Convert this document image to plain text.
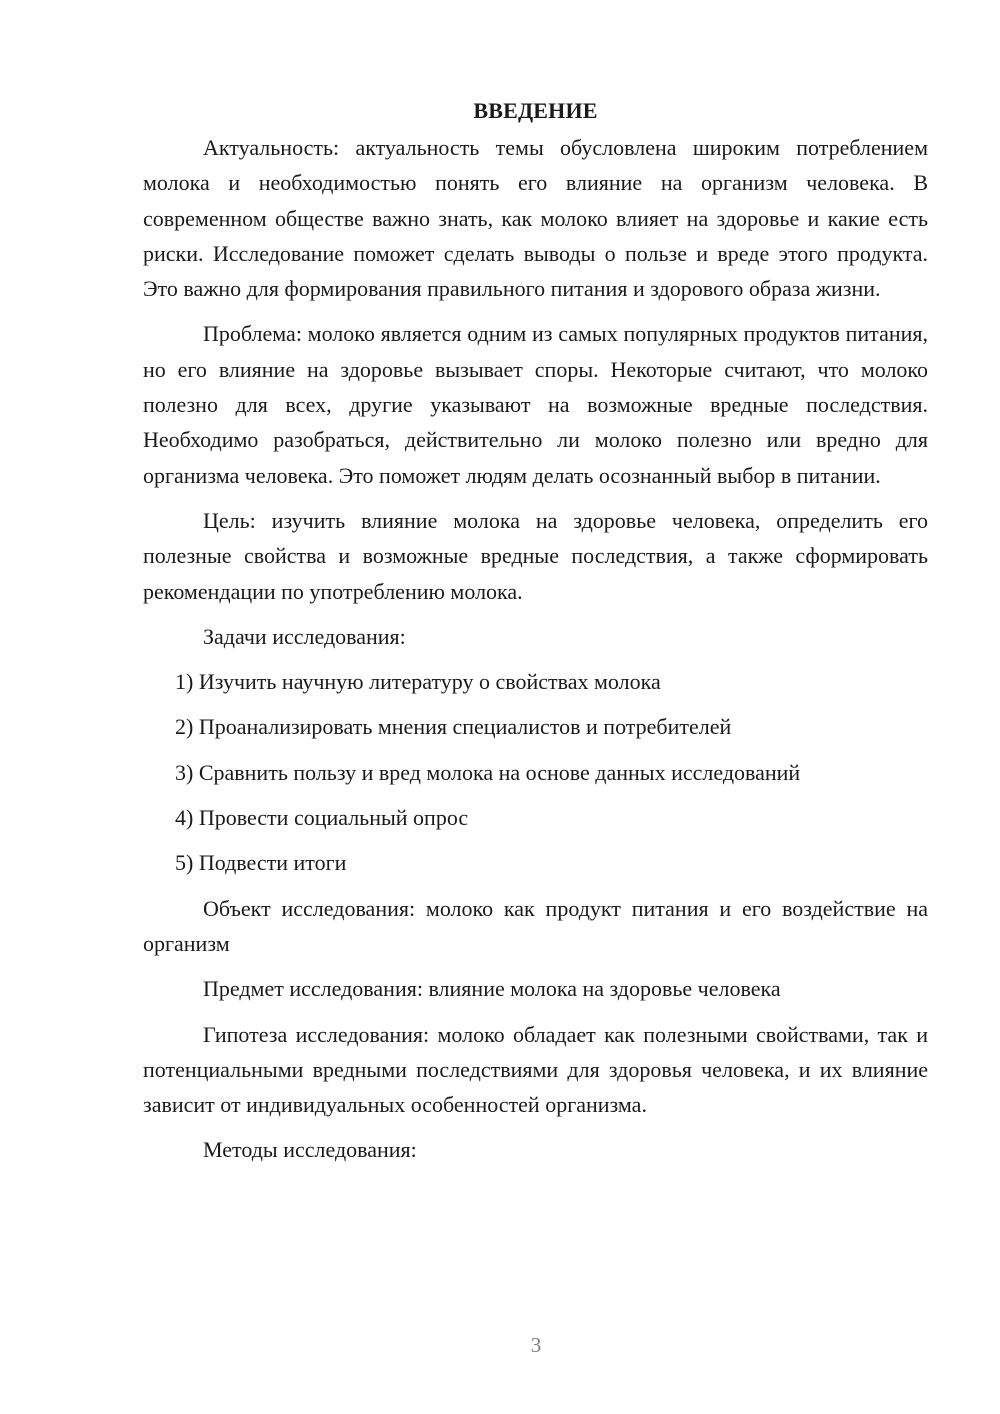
ВВЕДЕНИЕ

Актуальность: актуальность темы обусловлена широким потреблением молока и необходимостью понять его влияние на организм человека. В современном обществе важно знать, как молоко влияет на здоровье и какие есть риски. Исследование поможет сделать выводы о пользе и вреде этого продукта. Это важно для формирования правильного питания и здорового образа жизни.

Проблема: молоко является одним из самых популярных продуктов питания, но его влияние на здоровье вызывает споры. Некоторые считают, что молоко полезно для всех, другие указывают на возможные вредные последствия. Необходимо разобраться, действительно ли молоко полезно или вредно для организма человека. Это поможет людям делать осознанный выбор в питании.

Цель: изучить влияние молока на здоровье человека, определить его полезные свойства и возможные вредные последствия, а также сформировать рекомендации по употреблению молока.

Задачи исследования:

1) Изучить научную литературу о свойствах молока

2) Проанализировать мнения специалистов и потребителей

3) Сравнить пользу и вред молока на основе данных исследований

4) Провести социальный опрос

5) Подвести итоги

Объект исследования: молоко как продукт питания и его воздействие на организм

Предмет исследования: влияние молока на здоровье человека

Гипотеза исследования: молоко обладает как полезными свойствами, так и потенциальными вредными последствиями для здоровья человека, и их влияние зависит от индивидуальных особенностей организма.

Методы исследования:

3
